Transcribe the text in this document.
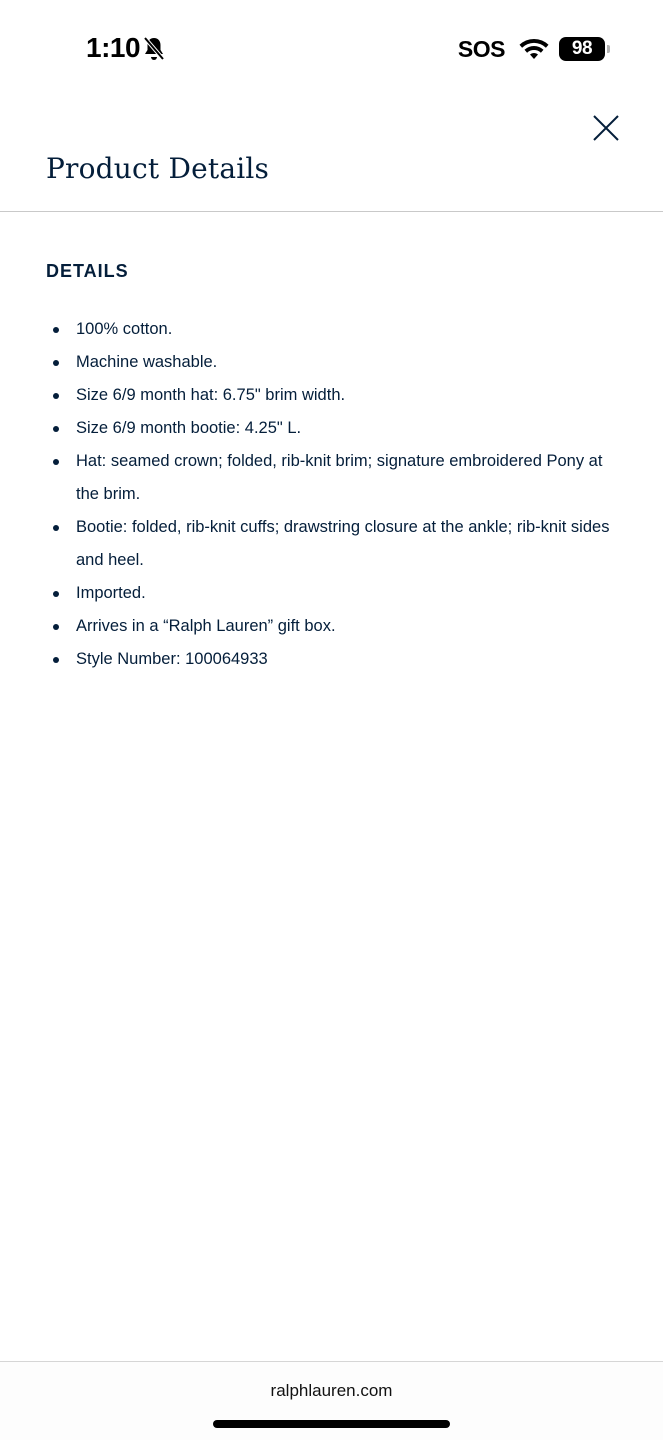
1:10	SOS	98
Product Details
DETAILS
100% cotton.
Machine washable.
Size 6/9 month hat: 6.75" brim width.
Size 6/9 month bootie: 4.25" L.
Hat: seamed crown; folded, rib-knit brim; signature embroidered Pony at the brim.
Bootie: folded, rib-knit cuffs; drawstring closure at the ankle; rib-knit sides and heel.
Imported.
Arrives in a “Ralph Lauren” gift box.
Style Number: 100064933
ralphlauren.com
